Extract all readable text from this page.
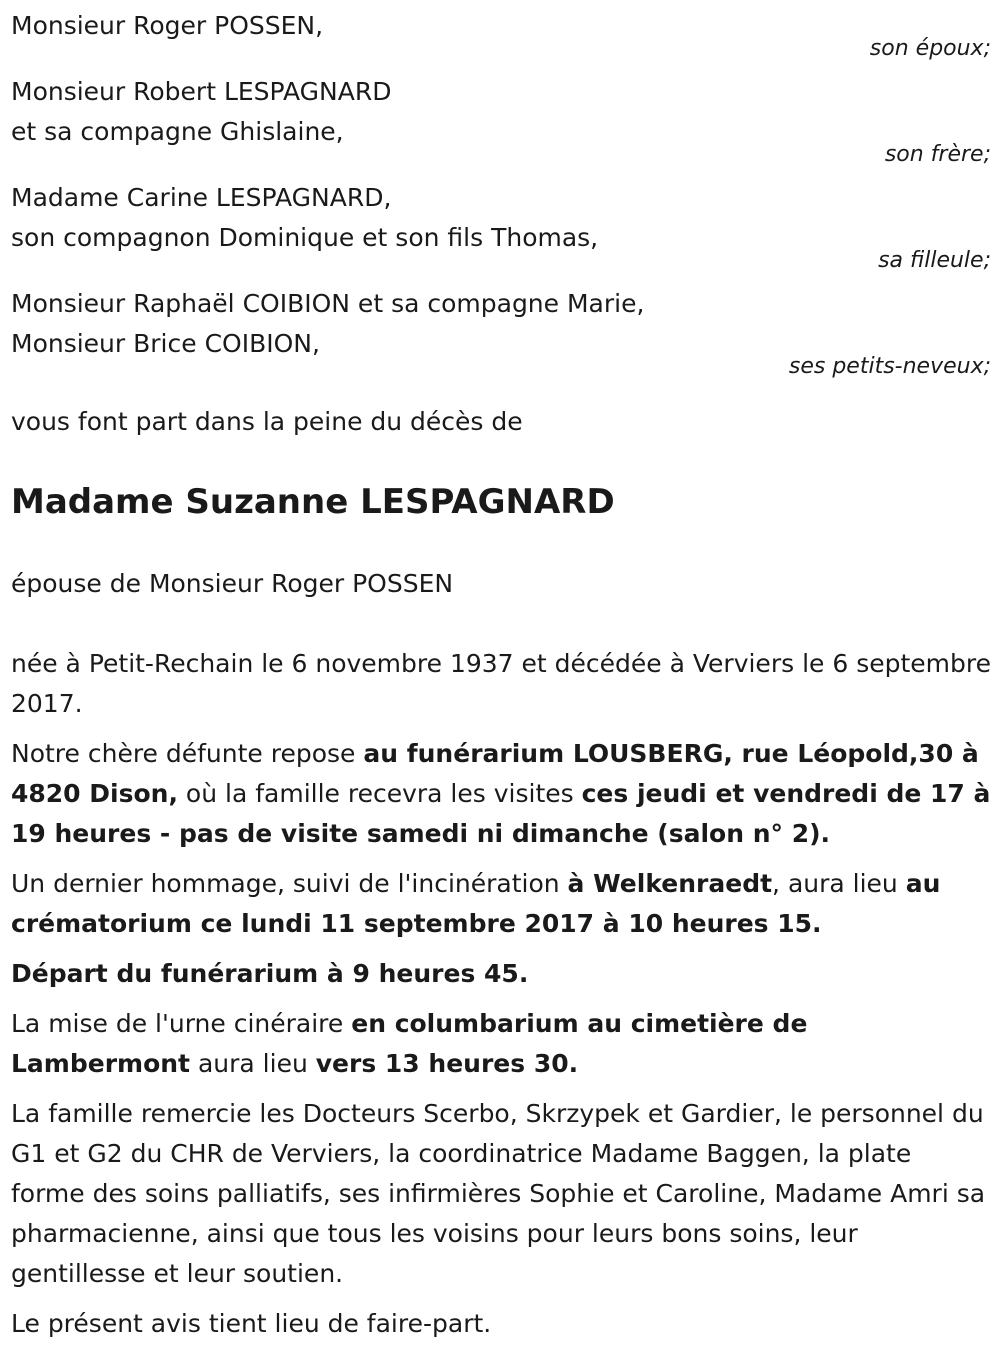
Monsieur Roger POSSEN,
son époux;
Monsieur Robert LESPAGNARD
et sa compagne Ghislaine,
son frère;
Madame Carine LESPAGNARD,
son compagnon Dominique et son fils Thomas,
sa filleule;
Monsieur Raphaël COIBION et sa compagne Marie,
Monsieur Brice COIBION,
ses petits-neveux;
vous font part dans la peine du décès de
Madame Suzanne LESPAGNARD
épouse de Monsieur Roger POSSEN
née à Petit-Rechain le 6 novembre 1937 et décédée à Verviers le 6 septembre 2017.
Notre chère défunte repose au funérarium LOUSBERG, rue Léopold,30 à 4820 Dison, où la famille recevra les visites ces jeudi et vendredi de 17 à 19 heures - pas de visite samedi ni dimanche (salon n° 2).
Un dernier hommage, suivi de l'incinération à Welkenraedt, aura lieu au crématorium ce lundi 11 septembre 2017 à 10 heures 15.
Départ du funérarium à 9 heures 45.
La mise de l'urne cinéraire en columbarium au cimetière de Lambermont aura lieu vers 13 heures 30.
La famille remercie les Docteurs Scerbo, Skrzypek et Gardier, le personnel du G1 et G2 du CHR de Verviers, la coordinatrice Madame Baggen, la plate forme des soins palliatifs, ses infirmières Sophie et Caroline, Madame Amri sa pharmacienne, ainsi que tous les voisins pour leurs bons soins, leur gentillesse et leur soutien.
Le présent avis tient lieu de faire-part.
